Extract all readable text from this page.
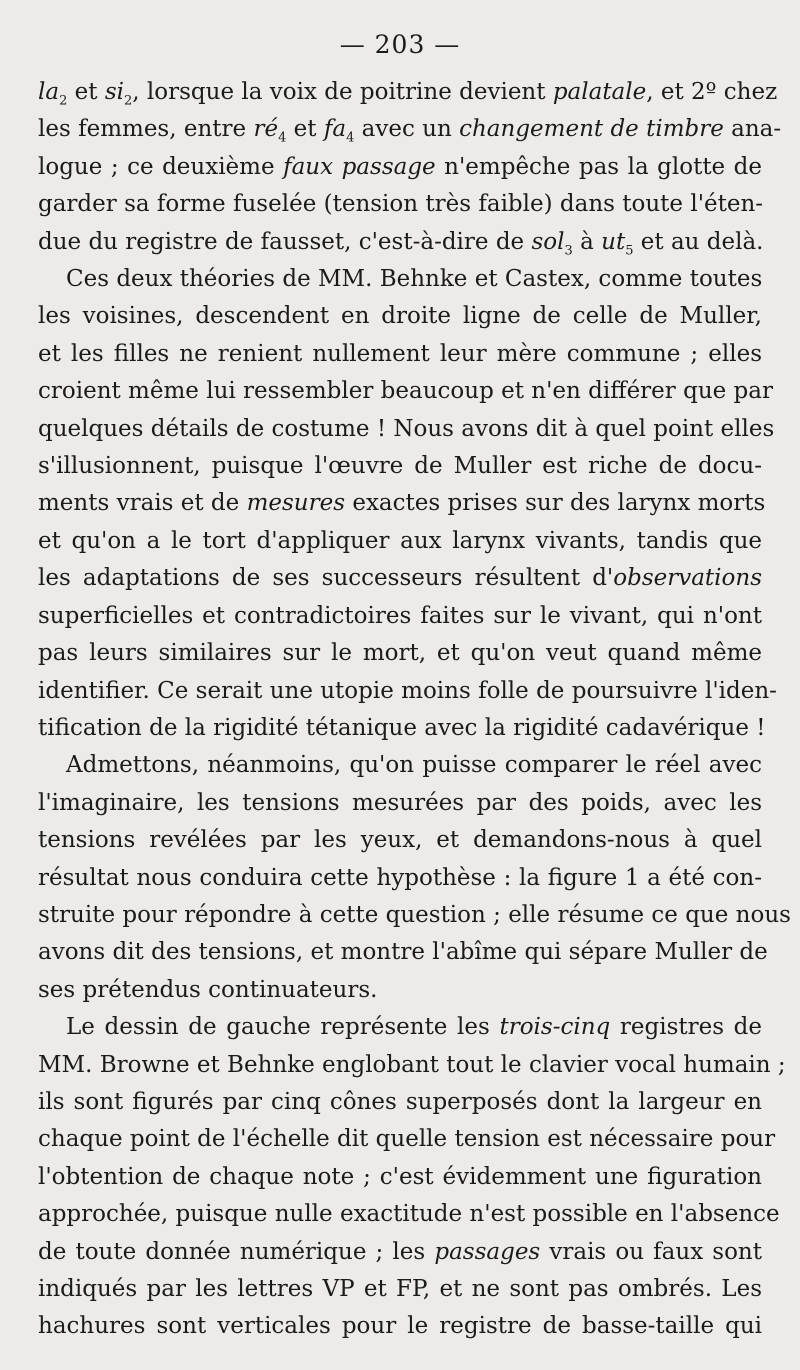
— 203 —
$la_2$ et $si_2$, lorsque la voix de poitrine devient palatale, et 2º chez
les femmes, entre $ré_4$ et $fa_4$ avec un changement de timbre ana-
logue ; ce deuxième faux passage n'empêche pas la glotte de
garder sa forme fuselée (tension très faible) dans toute l'éten-
due du registre de fausset, c'est-à-dire de sol$_3$ à $ut_5$ et au delà.
Ces deux théories de MM. Behnke et Castex, comme toutes
les voisines, descendent en droite ligne de celle de Muller,
et les filles ne renient nullement leur mère commune ; elles
croient même lui ressembler beaucoup et n'en différer que par
quelques détails de costume ! Nous avons dit à quel point elles
s'illusionnent, puisque l'œuvre de Muller est riche de docu-
ments vrais et de mesures exactes prises sur des larynx morts
et qu'on a le tort d'appliquer aux larynx vivants, tandis que
les adaptations de ses successeurs résultent d'observations
superficielles et contradictoires faites sur le vivant, qui n'ont
pas leurs similaires sur le mort, et qu'on veut quand même
identifier. Ce serait une utopie moins folle de poursuivre l'iden-
tification de la rigidité tétanique avec la rigidité cadavérique !
Admettons, néanmoins, qu'on puisse comparer le réel avec
l'imaginaire, les tensions mesurées par des poids, avec les
tensions revélées par les yeux, et demandons-nous à quel
résultat nous conduira cette hypothèse : la figure 1 a été con-
struite pour répondre à cette question ; elle résume ce que nous
avons dit des tensions, et montre l'abîme qui sépare Muller de
ses prétendus continuateurs.
Le dessin de gauche représente les trois-cinq registres de
MM. Browne et Behnke englobant tout le clavier vocal humain ;
ils sont figurés par cinq cônes superposés dont la largeur en
chaque point de l'échelle dit quelle tension est nécessaire pour
l'obtention de chaque note ; c'est évidemment une figuration
approchée, puisque nulle exactitude n'est possible en l'absence
de toute donnée numérique ; les passages vrais ou faux sont
indiqués par les lettres VP et FP, et ne sont pas ombrés. Les
hachures sont verticales pour le registre de basse-taille qui
